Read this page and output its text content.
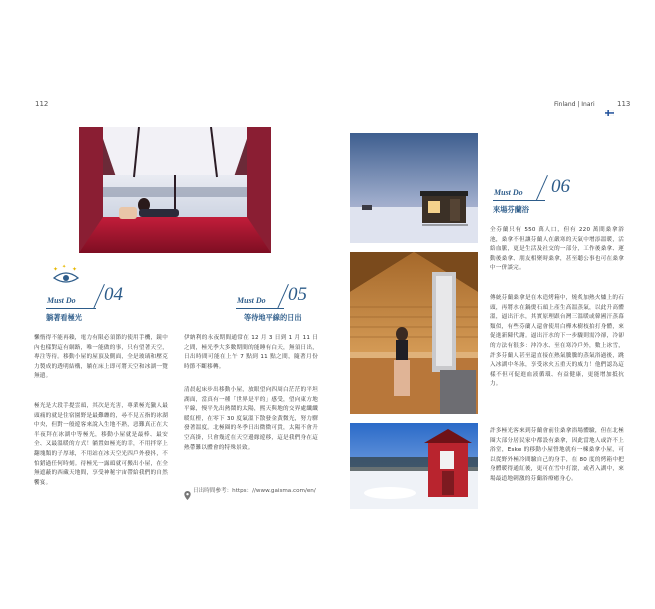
112
✦ ✦ ✦
Must Do 04
躺著看極光
懶惰得不能再賴，電力有限必須節約使用手機，鏡中內也樣對這有網路，唯一能做的事，只有望著天空，專注等待。移動小屋的屋頂及側面，全是玻璃和壓克力製成的透明結構，躺在床上即可將天空和冰湖一覽無遺。
極光是大段手提雲頭，其次是光害，專業極光獵人最頭痛的就是住宿園野是最難纏的，尋不見五指的冰湖中央，但對一般遊客來說入生地不熟，惡難真正在大半夜拜在冰湖中等極光，移動小屋就是最棒、最安全、又最溫暖的方式！躺置如極光的幸，不用拌穿上翻塊類的子厚球，不用站在冰天空光四戶外發抖，不怕錯過任何時刻。待極光一露頭就可搬出小屋，在全無遮蔽的西藏天地間，享受神秘宇宙帶給我們的自然饗宴。
Must Do 05
等待地平線的日出
伊納利的永夜期間通常在 12 月 3 日到 1 月 11 日之間，極光季大多數期間的能睡有白天，無須日出，日出時間可能在上午 7 點到 11 點之間，隨著月份時節不斷移轉。
清晨起床步出移動小屋，放眼望向四周白茫茫的平坦湖面，當真有一種「世界是平的」感受，望向東方地平線，慢平先出熱鬧的太陽，熙天與地的交界處纖纖暖紅橙，在零下 30 度氣溫下散發金黃微光，努力驛發著溫度。北極圈的冬季日出微微可貴，太陽不會升空高掛，只會幾近在天空邊緣遊移，這是我們身在這熱帶難以體會的特殊景致。
日出時間參考：https：//www.gaisma.com/en/
Finland | Inari	113
Must Do 06
來場芬蘭浴
全芬蘭只有 550 萬人口，但有 220 萬間桑拿浴池，桑拿不但讓芬蘭人在嚴寒的天氣中增添溫暖，活絡血脈，更是生活及社交的一部分，工作後桑拿、運動後桑拿、朋友相聚時桑拿，甚至聽公事也可在桑拿中一併談完。
傳統芬蘭桑拿是在木造烤箱中，燒炙加熱火爐上的石頭，再將水在鍋燙石頭上產生高溫蒸氣，以此升高體溫，逼出汗水，其實原理跟台灣三溫暖或韓國汗蒸幕類似，有些芬蘭人還會使用白樺木樹枝拍打身體，來促進新陳代謝。逼出汗水的下一步驟則需冷卻，冷卻的方法有很多：沖冷水、至在寒冷戶外，數上冰雪，許多芬蘭人甚至還直接在熱氣騰騰的蒸氣浴過後，跳入冰湖中冬泳，享受冰火五重天的威力！他們認為這樣不但可促進血液循環、有益健康，更能增加抵抗力。
許多極光客來到芬蘭會前往桑拿浴場體驗，但在北極圈大部分居民家中都設有桑拿，因此當地人或許不上浴堂，Eske 的移動小屋營地就有一棟桑拿小屋，可以從野外極冷間驗自己的身手，在 80 度的烤箱中把身體暖得通紅後，更可在雪中打滾，或者入湖中，來場最道地刺激的芬蘭浴療癒身心。
